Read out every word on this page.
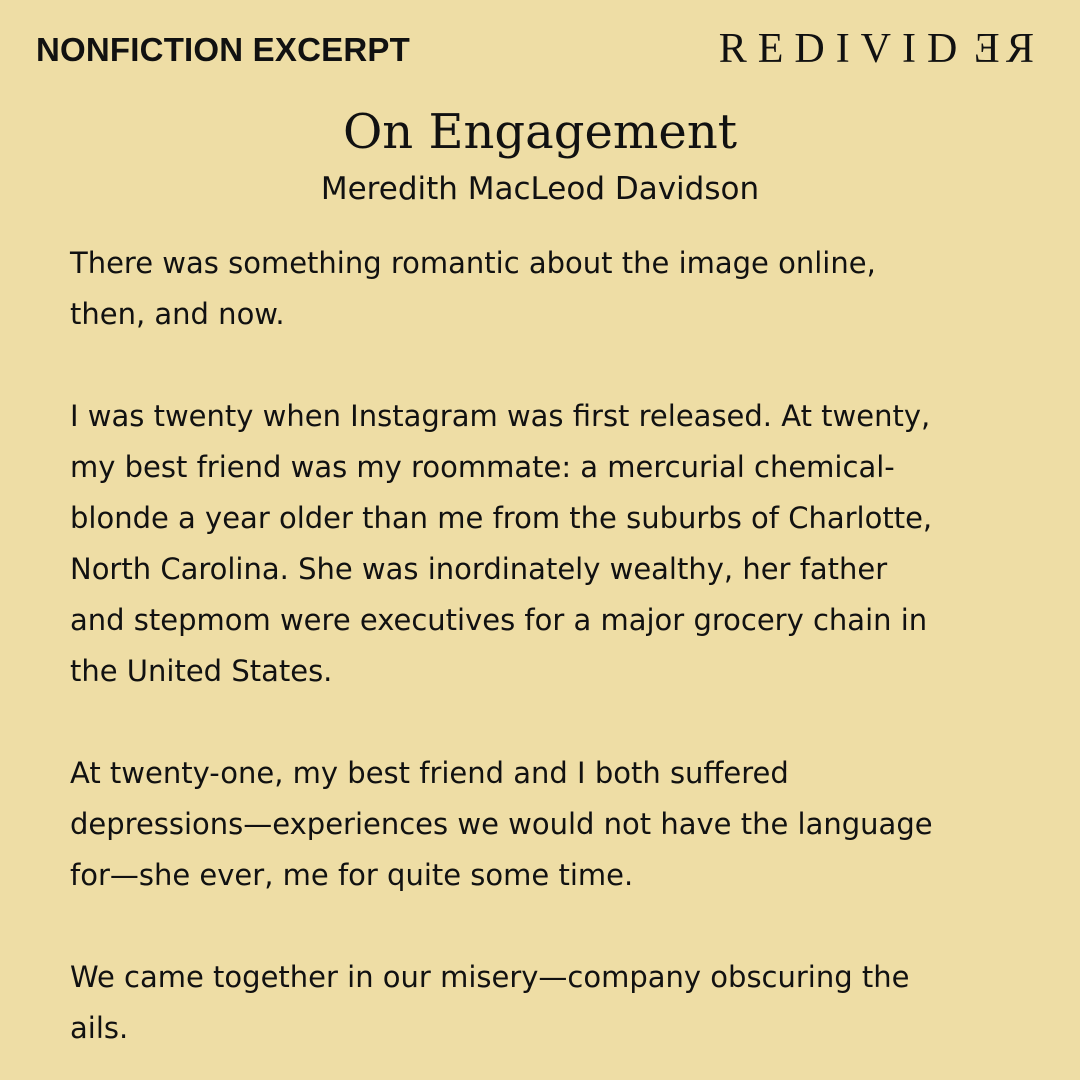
NONFICTION EXCERPT	REDIVID E R
On Engagement
Meredith MacLeod Davidson

There was something romantic about the image online,
then, and now.

I was twenty when Instagram was first released. At twenty,
my best friend was my roommate: a mercurial chemical-
blonde a year older than me from the suburbs of Charlotte,
North Carolina. She was inordinately wealthy, her father
and stepmom were executives for a major grocery chain in
the United States.

At twenty-one, my best friend and I both suffered
depressions—experiences we would not have the language
for—she ever, me for quite some time.

We came together in our misery—company obscuring the
ails.
